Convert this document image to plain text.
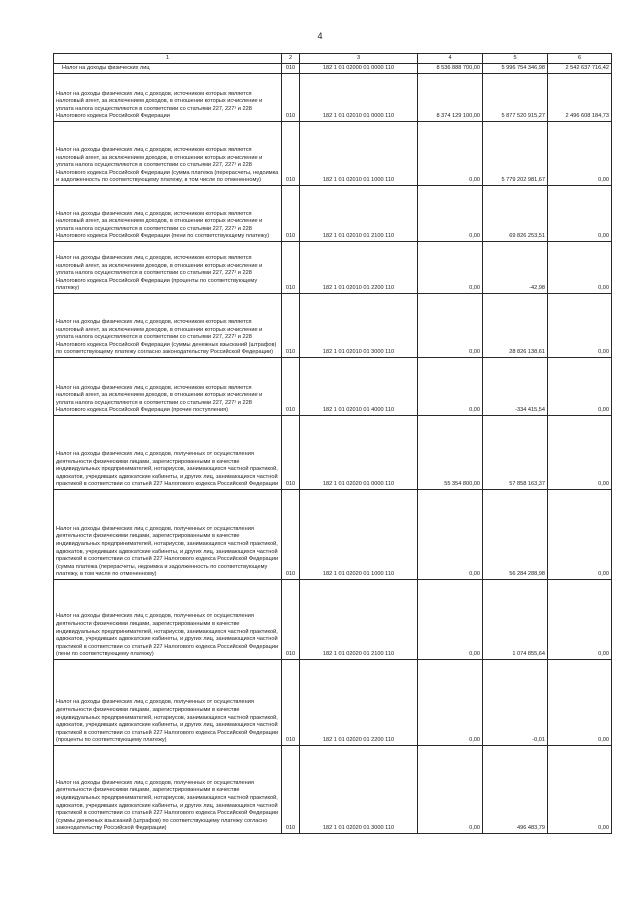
4
1	2	3	4	5	6
Налог на доходы физических лиц	010	182 1 01 02000 01 0000 110	8 536 888 700,00	5 996 754 346,98	2 542 637 716,42
Налог на доходы физических лиц с доходов, источником которых является налоговый агент, за исключением доходов, в отношении которых исчисление и уплата налога осуществляются в соответствии со статьями 227, 227¹ и 228 Налогового кодекса Российской Федерации	010	182 1 01 02010 01 0000 110	8 374 129 100,00	5 877 520 915,27	2 496 608 184,73
Налог на доходы физических лиц с доходов, источником которых является налоговый агент, за исключением доходов, в отношении которых исчисление и уплата налога осуществляются в соответствии со статьями 227, 227¹ и 228 Налогового кодекса Российской Федерации (сумма платежа (перерасчеты, недоимка и задолженность по соответствующему платежу, в том числе по отмененному)	010	182 1 01 02010 01 1000 110	0,00	5 779 202 981,67	0,00
Налог на доходы физических лиц с доходов, источником которых является налоговый агент, за исключением доходов, в отношении которых исчисление и уплата налога осуществляются в соответствии со статьями 227, 227¹ и 228 Налогового кодекса Российской Федерации (пени по соответствующему платежу)	010	182 1 01 02010 01 2100 110	0,00	69 826 253,51	0,00
Налог на доходы физических лиц с доходов, источником которых является налоговый агент, за исключением доходов, в отношении которых исчисление и уплата налога осуществляются в соответствии со статьями 227, 227¹ и 228 Налогового кодекса Российской Федерации (проценты по соответствующему платежу)	010	182 1 01 02010 01 2200 110	0,00	-42,98	0,00
Налог на доходы физических лиц с доходов, источником которых является налоговый агент, за исключением доходов, в отношении которых исчисление и уплата налога осуществляются в соответствии со статьями 227, 227¹ и 228 Налогового кодекса Российской Федерации (суммы денежных взысканий (штрафов) по соответствующему платежу согласно законодательству Российской Федерации)	010	182 1 01 02010 01 3000 110	0,00	28 826 138,61	0,00
Налог на доходы физических лиц с доходов, источником которых является налоговый агент, за исключением доходов, в отношении которых исчисление и уплата налога осуществляются в соответствии со статьями 227, 227¹ и 228 Налогового кодекса Российской Федерации (прочие поступления)	010	182 1 01 02010 01 4000 110	0,00	-334 415,54	0,00
Налог на доходы физических лиц с доходов, полученных от осуществления деятельности физическими лицами, зарегистрированными в качестве индивидуальных предпринимателей, нотариусов, занимающихся частной практикой, адвокатов, учредивших адвокатские кабинеты, и других лиц, занимающихся частной практикой в соответствии со статьей 227 Налогового кодекса Российской Федерации	010	182 1 01 02020 01 0000 110	55 354 800,00	57 858 163,37	0,00
Налог на доходы физических лиц с доходов, полученных от осуществления деятельности физическими лицами, зарегистрированными в качестве индивидуальных предпринимателей, нотариусов, занимающихся частной практикой, адвокатов, учредивших адвокатские кабинеты, и других лиц, занимающихся частной практикой в соответствии со статьей 227 Налогового кодекса Российской Федерации (сумма платежа (перерасчеты, недоимка и задолженность по соответствующему платежу, в том числе по отмененному)	010	182 1 01 02020 01 1000 110	0,00	56 284 288,98	0,00
Налог на доходы физических лиц с доходов, полученных от осуществления деятельности физическими лицами, зарегистрированными в качестве индивидуальных предпринимателей, нотариусов, занимающихся частной практикой, адвокатов, учредивших адвокатские кабинеты, и других лиц, занимающихся частной практикой в соответствии со статьей 227 Налогового кодекса Российской Федерации (пени по соответствующему платежу)	010	182 1 01 02020 01 2100 110	0,00	1 074 855,64	0,00
Налог на доходы физических лиц с доходов, полученных от осуществления деятельности физическими лицами, зарегистрированными в качестве индивидуальных предпринимателей, нотариусов, занимающихся частной практикой, адвокатов, учредивших адвокатские кабинеты, и других лиц, занимающихся частной практикой в соответствии со статьей 227 Налогового кодекса Российской Федерации (проценты по соответствующему платежу)	010	182 1 01 02020 01 2200 110	0,00	-0,01	0,00
Налог на доходы физических лиц с доходов, полученных от осуществления деятельности физическими лицами, зарегистрированными в качестве индивидуальных предпринимателей, нотариусов, занимающихся частной практикой, адвокатов, учредивших адвокатские кабинеты, и других лиц, занимающихся частной практикой в соответствии со статьей 227 Налогового кодекса Российской Федерации (суммы денежных взысканий (штрафов) по соответствующему платежу согласно законодательству Российской Федерации)	010	182 1 01 02020 01 3000 110	0,00	496 483,79	0,00
